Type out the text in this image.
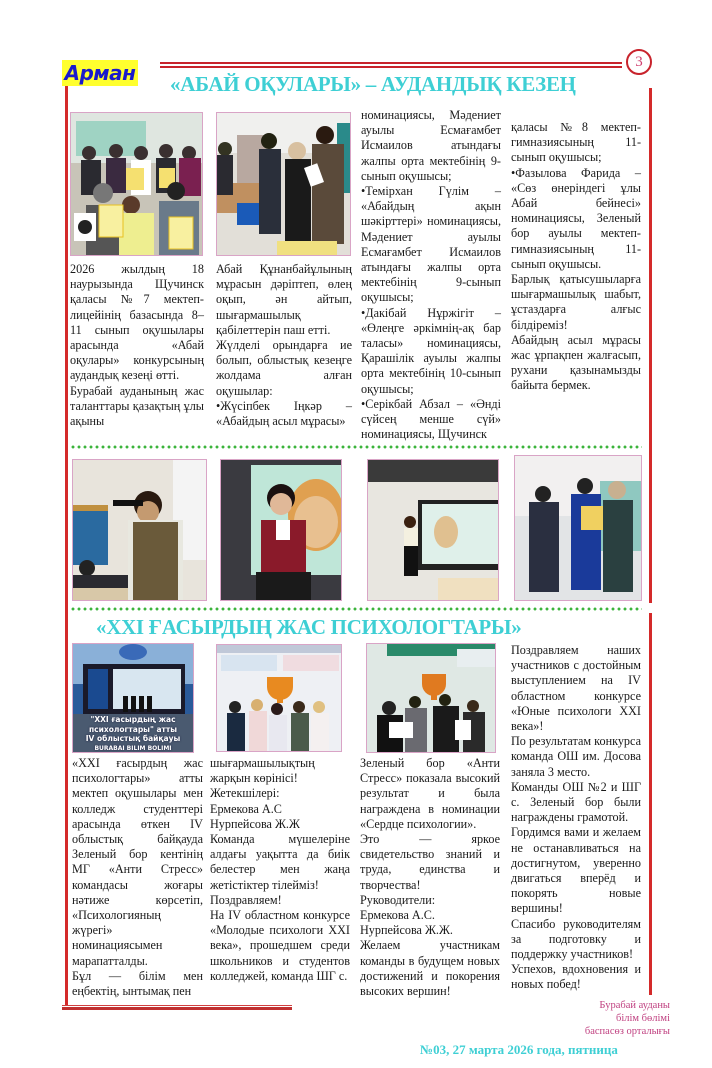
Арман	3
«АБАЙ ОҚУЛАРЫ» – АУДАНДЫҚ КЕЗЕҢ

2026 жылдың 18 наурызында Щучинск қаласы №7 мектеп-лицейінің базасында 8–11 сынып оқушылары арасында «Абай оқулары» конкурсының аудандық кезеңі өтті.

Бурабай ауданының жас таланттары қазақтың ұлы ақыны

Абай Құнанбайұлының мұрасын дәріптеп, өлең оқып, ән айтып, шығармашылық қабілеттерін паш етті.

Жүлделі орындарға ие болып, облыстық кезеңге жолдама алған оқушылар:

•Жүсіпбек Іңкәр – «Абайдың асыл мұрасы»

номинациясы, Мәдениет ауылы Есмағамбет Исмаилов атындағы жалпы орта мектебінің 9-сынып оқушысы;

•Теміpхан Гүлім – «Абайдың ақын шәкірттері» номинациясы, Мәдениет ауылы Есмағамбет Исмаилов атындағы жалпы орта мектебінің 9-сынып оқушысы;

•Дакібай Нұржігіт – «Өлеңге әркімнің-ақ бар таласы» номинациясы, Қарашілік ауылы жалпы орта мектебінің 10-сынып оқушысы;

•Серікбай Абзал – «Әнді сүйсең менше сүй» номинациясы, Щучинск

қаласы №8 мектеп-гимназиясының 11-сынып оқушысы;

•Фазылова Фарида – «Сөз өнеріндегі ұлы Абай бейнесі» номинациясы, Зеленый бор ауылы мектеп-гимназиясының 11-сынып оқушысы.

Барлық қатысушыларға шығармашылық шабыт, ұстаздарға алғыс білдіреміз!

Абайдың асыл мұрасы жас ұрпақпен жалғасып, рухани қазынамызды байыта бермек.

«XXI ҒАСЫРДЫҢ ЖАС ПСИХОЛОГТАРЫ»
"XXI ғасырдың жас
психологтары" атты
IV облыстық байқауы
BURABAI BILIM BOLIMI

«XXI ғасырдың жас психологтары» атты мектеп оқушылары мен колледж студенттері арасында өткен IV облыстық байқауда Зеленый бор кентінің МГ «Анти Стресс» командасы жоғары нәтиже көрсетіп, «Психологияның жүрегі» номинациясымен марапатталды.

Бұл — білім мен еңбектің, ынтымақ пен

шығармашылықтың жарқын көрінісі!

Жетекшілері:

Ермекова А.С

Нурпейсова Ж.Ж

Команда мүшелеріне алдағы уақытта да биік белестер мен жаңа жетістіктер тілейміз!

Поздравляем!

На IV областном конкурсе «Молодые психологи XXI века», прошедшем среди школьников и студентов колледжей, команда ШГ с.

Зеленый бор «Анти Стресс» показала высокий результат и была награждена в номинации «Сердце психологии».

Это — яркое свидетельство знаний и труда, единства и творчества!

Руководители:

Ермекова А.С.

Нурпейсова Ж.Ж.

Желаем участникам команды в будущем новых достижений и покорения высоких вершин!

Поздравляем наших участников с достойным выступлением на IV областном конкурсе «Юные психологи XXI века»!

По результатам конкурса команда ОШ им. Досова заняла 3 место.

Команды ОШ №2 и ШГ с. Зеленый бор были награждены грамотой.

Гордимся вами и желаем не останавливаться на достигнутом, уверенно двигаться вперёд и покорять новые вершины!

Спасибо руководителям за подготовку и поддержку участников!

Успехов, вдохновения и новых побед!

Бурабай ауданы
білім бөлімі
баспасөз орталығы
№03, 27 марта 2026 года, пятница
